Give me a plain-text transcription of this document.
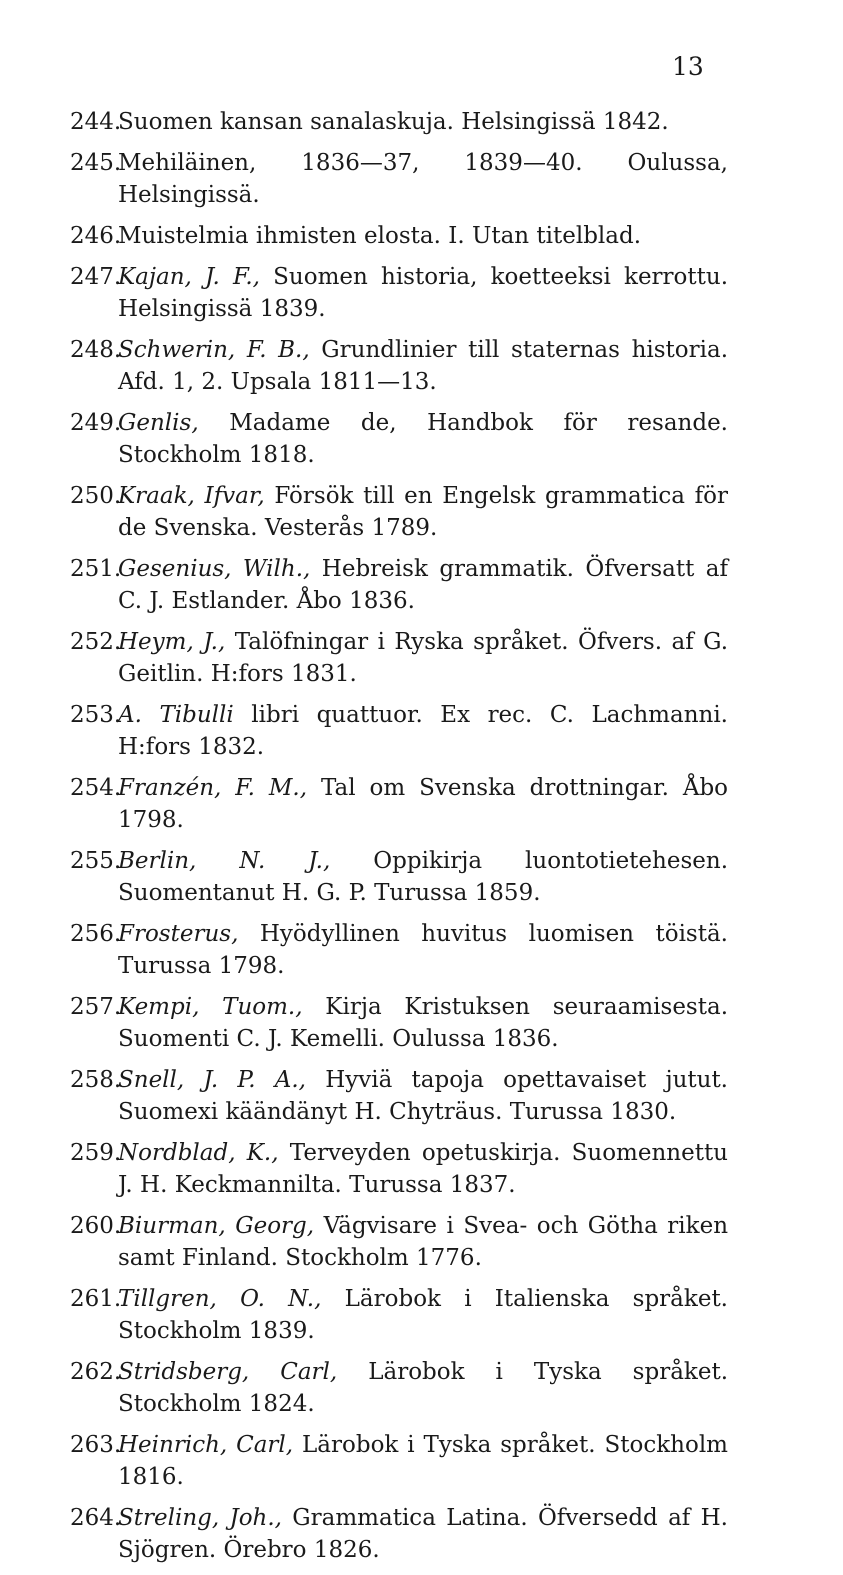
13
244.
Suomen kansan sanalaskuja. Helsingissä 1842.
245.
Mehiläinen, 1836—37, 1839—40. Oulussa, Helsingissä.
246.
Muistelmia ihmisten elosta. I. Utan titelblad.
247.
Kajan, J. F., Suomen historia, koetteeksi kerrottu. Helsingissä 1839.
248.
Schwerin, F. B., Grundlinier till staternas historia. Afd. 1, 2. Upsala 1811—13.
249.
Genlis, Madame de, Handbok för resande. Stockholm 1818.
250.
Kraak, Ifvar, Försök till en Engelsk grammatica för de Svenska. Vesterås 1789.
251.
Gesenius, Wilh., Hebreisk grammatik. Öfversatt af C. J. Estlander. Åbo 1836.
252.
Heym, J., Talöfningar i Ryska språket. Öfvers. af G. Geitlin. H:fors 1831.
253.
A. Tibulli libri quattuor. Ex rec. C. Lachmanni. H:fors 1832.
254.
Franzén, F. M., Tal om Svenska drottningar. Åbo 1798.
255.
Berlin, N. J., Oppikirja luontotietehesen. Suomentanut H. G. P. Turussa 1859.
256.
Frosterus, Hyödyllinen huvitus luomisen töistä. Turussa 1798.
257.
Kempi, Tuom., Kirja Kristuksen seuraamisesta. Suomenti C. J. Kemelli. Oulussa 1836.
258.
Snell, J. P. A., Hyviä tapoja opettavaiset jutut. Suomexi käändänyt H. Chyträus. Turussa 1830.
259.
Nordblad, K., Terveyden opetuskirja. Suomennettu J. H. Keckmannilta. Turussa 1837.
260.
Biurman, Georg, Vägvisare i Svea- och Götha riken samt Finland. Stockholm 1776.
261.
Tillgren, O. N., Lärobok i Italienska språket. Stockholm 1839.
262.
Stridsberg, Carl, Lärobok i Tyska språket. Stockholm 1824.
263.
Heinrich, Carl, Lärobok i Tyska språket. Stockholm 1816.
264.
Streling, Joh., Grammatica Latina. Öfversedd af H. Sjögren. Örebro 1826.
